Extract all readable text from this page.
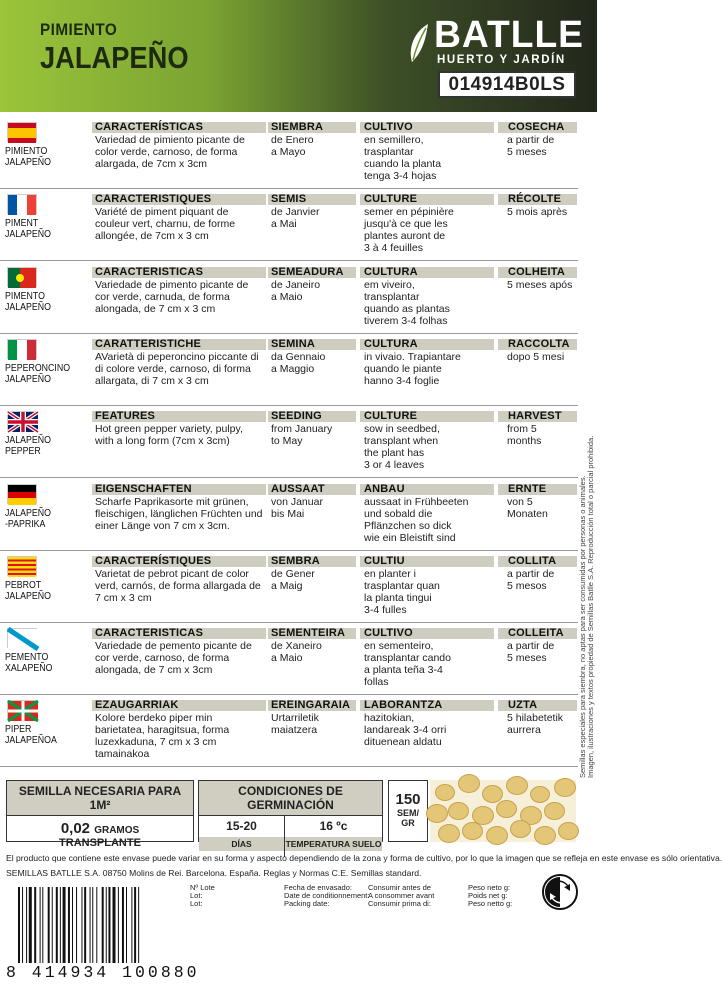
PIMIENTO
JALAPEÑO
BATLLE
HUERTO Y JARDÍN
014914B0LS
Semillas especiales para siembra, no aptas para ser consumidas por personas o animales. Imagen, ilustraciones y textos propiedad de Semillas Batlle S.A. Reproducción total o parcial prohibida.
PIMIENTO
JALAPEÑO
CARACTERÍSTICAS
Variedad de pimiento picante de
color verde, carnoso, de forma
alargada, de 7cm x 3cm
SIEMBRA
de Enero
a Mayo
CULTIVO
en semillero,
trasplantar
cuando la planta
tenga 3-4 hojas
COSECHA
a partir de
5 meses
PIMENT
JALAPEÑO
CARACTERISTIQUES
Variété de piment piquant de
couleur vert, charnu, de forme
allongée, de 7cm x 3 cm
SEMIS
de Janvier
a Mai
CULTURE
semer en pépinière
jusqu'à ce que les
plantes auront de
3 à 4 feuilles
RÉCOLTE
5 mois après
PIMENTO
JALAPEÑO
CARACTERISTICAS
Variedade de pimento picante de
cor verde, carnuda, de forma
alongada, de 7 cm x 3 cm
SEMEADURA
de Janeiro
a Maio
CULTURA
em viveiro,
transplantar
quando as plantas
tiverem 3-4 folhas
COLHEITA
5 meses após
PEPERONCINO
JALAPEÑO
CARATTERISTICHE
AVarietà di peperoncino piccante di
di colore verde, carnoso, di forma
allargata, di 7 cm x 3 cm
SEMINA
da Gennaio
a Maggio
CULTURA
in vivaio. Trapiantare
quando le piante
hanno 3-4 foglie
RACCOLTA
dopo 5 mesi
JALAPEÑO
PEPPER
FEATURES
Hot green pepper variety, pulpy,
with a long form (7cm x 3cm)
SEEDING
from January
to May
CULTURE
sow in seedbed,
transplant when
the plant has
3 or 4 leaves
HARVEST
from 5
months
JALAPEÑO
-PAPRIKA
EIGENSCHAFTEN
Scharfe Paprikasorte mit grünen,
fleischigen, länglichen Früchten und
einer Länge von 7 cm x 3cm.
AUSSAAT
von Januar
bis Mai
ANBAU
aussaat in Frühbeeten
und sobald die
Pflänzchen so dick
wie ein Bleistift sind
ERNTE
von 5
Monaten
PEBROT
JALAPEÑO
CARACTERÍSTIQUES
Varietat de pebrot picant de color
verd, carnós, de forma allargada de
7 cm x 3 cm
SEMBRA
de Gener
a Maig
CULTIU
en planter i
trasplantar quan
la planta tingui
3-4 fulles
COLLITA
a partir de
5 mesos
PEMENTO
XALAPEÑO
CARACTERISTICAS
Variedade de pemento picante de
cor verde, carnoso, de forma
alongada, de 7 cm x 3cm
SEMENTEIRA
de Xaneiro
a Maio
CULTIVO
en sementeiro,
transplantar cando
a planta teña 3-4
follas
COLLEITA
a partir de
5 meses
PIPER
JALAPEÑOA
EZAUGARRIAK
Kolore berdeko piper min
barietatea, haragitsua, forma
luzexkaduna, 7 cm x 3 cm
tamainakoa
EREINGARAIA
Urtarriletik
maiatzera
LABORANTZA
hazitokian,
landareak 3-4 orri
dituenean aldatu
UZTA
5 hilabetetik
aurrera
SEMILLA NECESARIA PARA 1M²
0,02 GRAMOS
TRANSPLANTE
CONDICIONES DE GERMINACIÓN
15-20
DÍAS
16 ºc
TEMPERATURA SUELO
150
SEM/
GR
El producto que contiene este envase puede variar en su forma y aspecto dependiendo de la zona y forma de cultivo, por lo que la imagen que se refleja en este envase es sólo orientativa.
SEMILLAS BATLLE S.A. 08750 Molins de Rei. Barcelona. España. Reglas y Normas C.E. Semillas standard.
Nº Lote
Lot:
Lot:
Fecha de envasado:
Date de conditionnement:
Packing date:
Consumir antes de
A consommer avant
Consumir prima di:
Peso neto g:
Poids net g:
Peso netto g:
8 414934 100880
